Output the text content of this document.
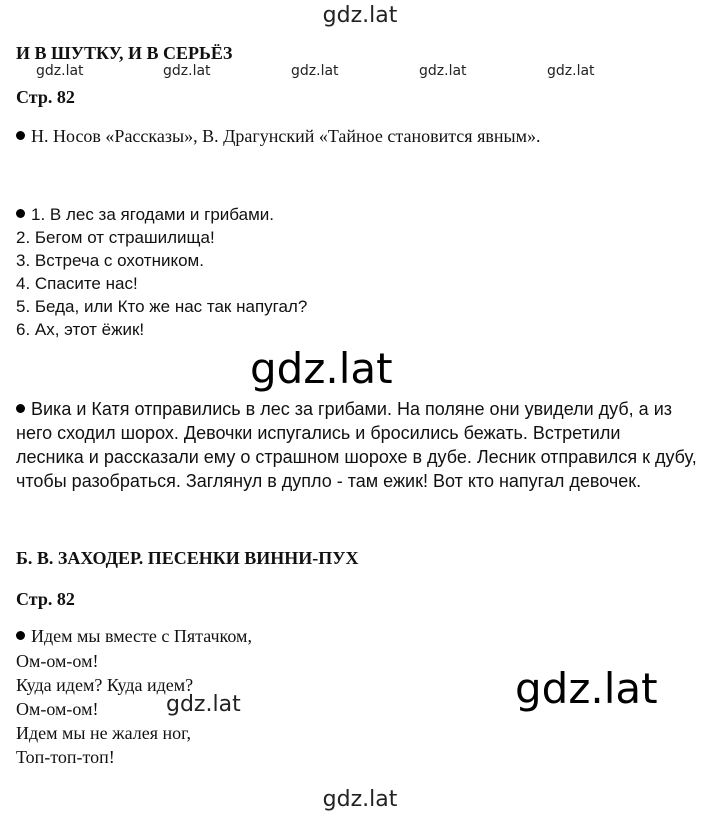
gdz.lat
gdz.lat	gdz.lat	gdz.lat	gdz.lat	gdz.lat
И В ШУТКУ, И В СЕРЬЁЗ
Стр. 82
Н. Носов «Рассказы», В. Драгунский «Тайное становится явным».
1. В лес за ягодами и грибами.
2. Бегом от страшилища!
3. Встреча с охотником.
4. Спасите нас!
5. Беда, или Кто же нас так напугал?
6. Ах, этот ёжик!
gdz.lat
Вика и Катя отправились в лес за грибами. На поляне они увидели дуб, а из
него сходил шорох. Девочки испугались и бросились бежать. Встретили
лесника и рассказали ему о страшном шорохе в дубе. Лесник отправился к дубу,
чтобы разобраться. Заглянул в дупло - там ежик! Вот кто напугал девочек.
Б. В. ЗАХОДЕР. ПЕСЕНКИ ВИННИ-ПУХ
Стр. 82
Идем мы вместе с Пятачком,
Ом-ом-ом!
Куда идем? Куда идем?
Ом-ом-ом!
Идем мы не жалея ног,
Топ-топ-топ!
gdz.lat	gdz.lat
gdz.lat
